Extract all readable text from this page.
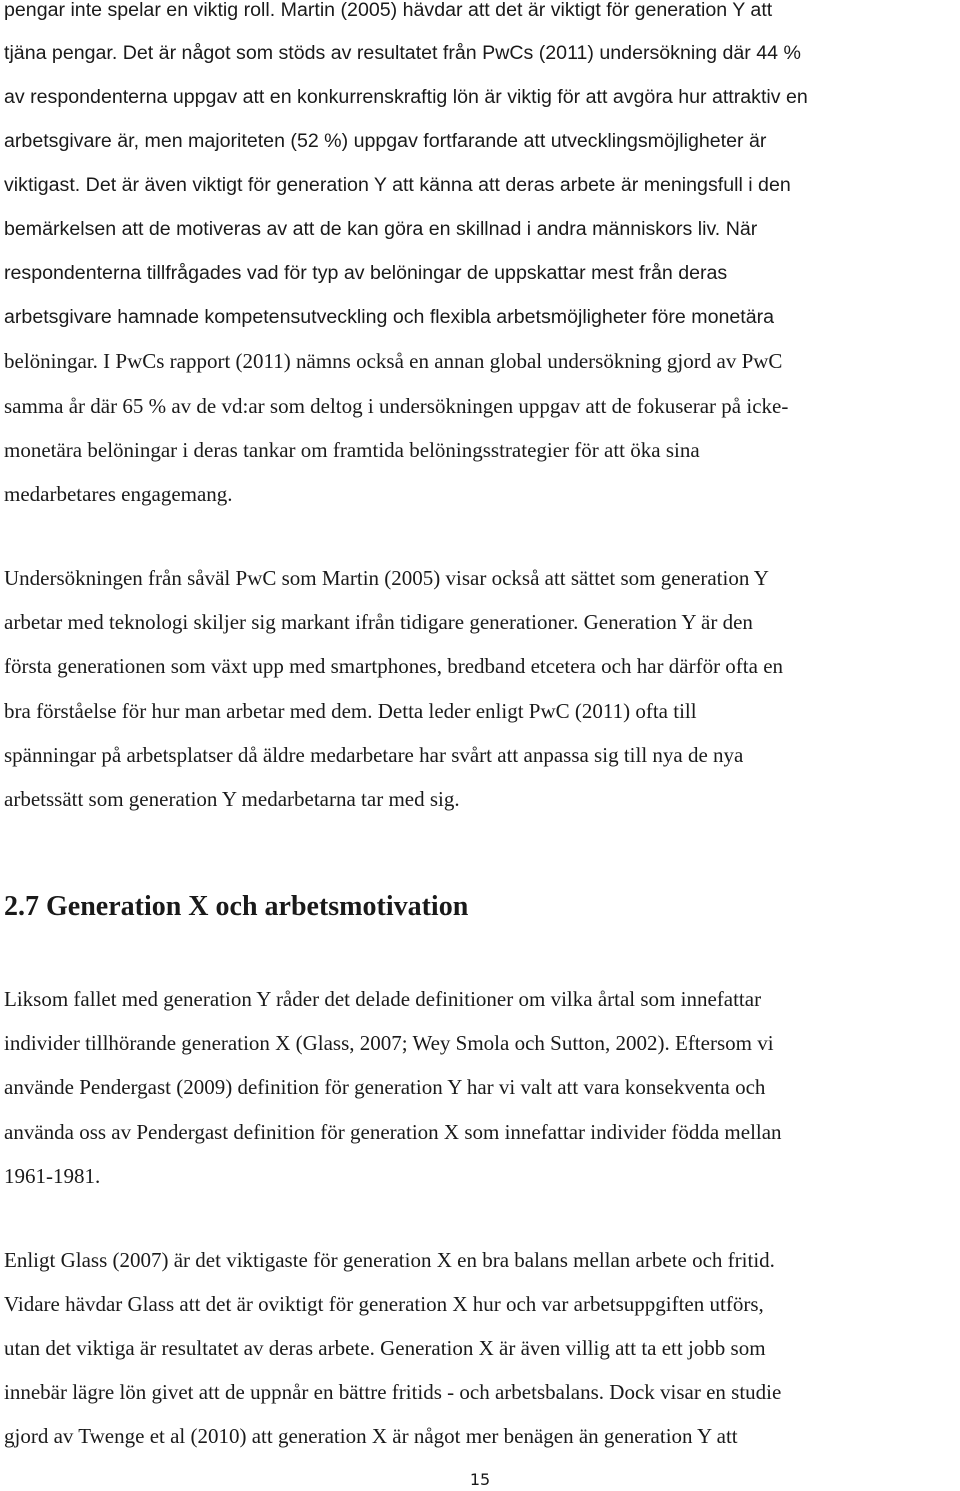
pengar inte spelar en viktig roll. Martin (2005) hävdar att det är viktigt för generation Y att
tjäna pengar. Det är något som stöds av resultatet från PwCs (2011) undersökning där 44 %
av respondenterna uppgav att en konkurrenskraftig lön är viktig för att avgöra hur attraktiv en
arbetsgivare är, men majoriteten (52 %) uppgav fortfarande att utvecklingsmöjligheter är
viktigast. Det är även viktigt för generation Y att känna att deras arbete är meningsfull i den
bemärkelsen att de motiveras av att de kan göra en skillnad i andra människors liv. När
respondenterna tillfrågades vad för typ av belöningar de uppskattar mest från deras
arbetsgivare hamnade kompetensutveckling och flexibla arbetsmöjligheter före monetära
belöningar. I PwCs rapport (2011) nämns också en annan global undersökning gjord av PwC
samma år där 65 % av de vd:ar som deltog i undersökningen uppgav att de fokuserar på icke-
monetära belöningar i deras tankar om framtida belöningsstrategier för att öka sina
medarbetares engagemang.
Undersökningen från såväl PwC som Martin (2005) visar också att sättet som generation Y
arbetar med teknologi skiljer sig markant ifrån tidigare generationer. Generation Y är den
första generationen som växt upp med smartphones, bredband etcetera och har därför ofta en
bra förståelse för hur man arbetar med dem. Detta leder enligt PwC (2011) ofta till
spänningar på arbetsplatser då äldre medarbetare har svårt att anpassa sig till nya de nya
arbetssätt som generation Y medarbetarna tar med sig.
2.7 Generation X och arbetsmotivation
Liksom fallet med generation Y råder det delade definitioner om vilka årtal som innefattar
individer tillhörande generation X (Glass, 2007; Wey Smola och Sutton, 2002). Eftersom vi
använde Pendergast (2009) definition för generation Y har vi valt att vara konsekventa och
använda oss av Pendergast definition för generation X som innefattar individer födda mellan
1961-1981.
Enligt Glass (2007) är det viktigaste för generation X en bra balans mellan arbete och fritid.
Vidare hävdar Glass att det är oviktigt för generation X hur och var arbetsuppgiften utförs,
utan det viktiga är resultatet av deras arbete. Generation X är även villig att ta ett jobb som
innebär lägre lön givet att de uppnår en bättre fritids - och arbetsbalans. Dock visar en studie
gjord av Twenge et al (2010) att generation X är något mer benägen än generation Y att
15
